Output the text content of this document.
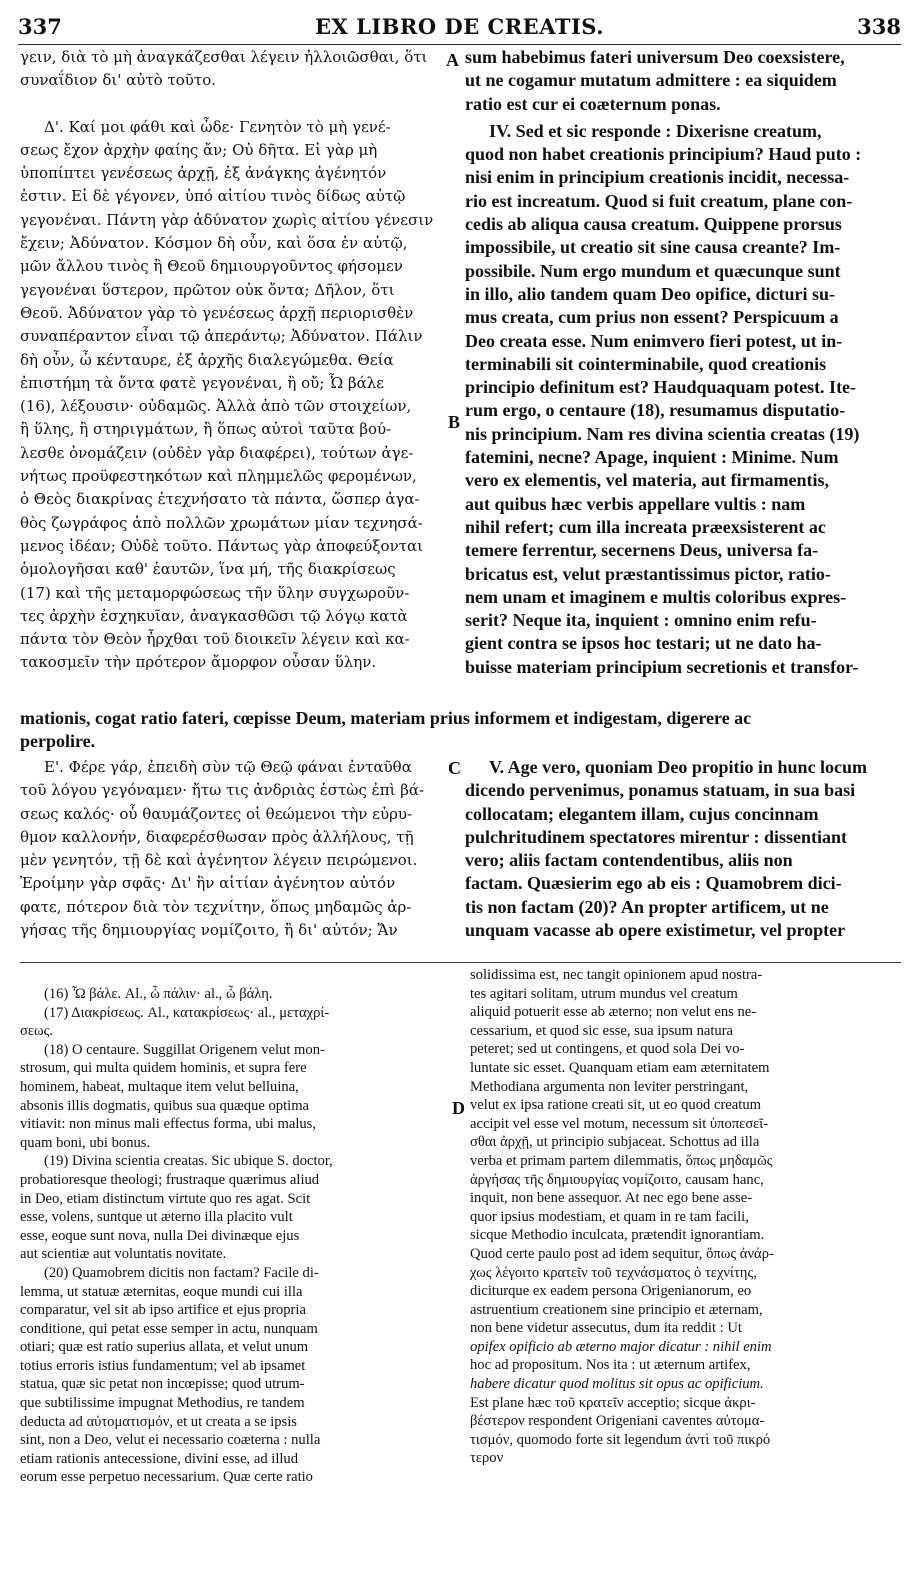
337	EX LIBRO DE CREATIS.	338

γειν, διὰ τὸ μὴ ἀναγκάζεσθαι λέγειν ἠλλοιῶσθαι, ὅτι

συναΐδιον δι' αὐτὸ τοῦτο.

Δ'. Καί μοι φάθι καὶ ὧδε· Γενητὸν τὸ μὴ γενέ-

σεως ἔχον ἀρχὴν φαίης ἄν; Οὐ δῆτα. Εἰ γὰρ μὴ

ὑποπίπτει γενέσεως ἀρχῇ, ἐξ ἀνάγκης ἀγένητόν

ἐστιν. Εἰ δὲ γέγονεν, ὑπό αἰτίου τινὸς δίδως αὐτῷ

γεγονέναι. Πάντη γὰρ ἀδύνατον χωρὶς αἰτίου γένεσιν

ἔχειν; Ἀδύνατον. Κόσμον δὴ οὖν, καὶ ὅσα ἐν αὐτῷ,

μῶν ἄλλου τινὸς ἢ Θεοῦ δημιουργοῦντος φήσομεν

γεγονέναι ὕστερον, πρῶτον οὐκ ὄντα; Δῆλον, ὅτι

Θεοῦ. Ἀδύνατον γὰρ τὸ γενέσεως ἀρχῇ περιορισθὲν

συναπέραντον εἶναι τῷ ἀπεράντῳ; Ἀδύνατον. Πάλιν

δὴ οὖν, ὦ κένταυρε, ἐξ ἀρχῆς διαλεγώμεθα. Θεία

ἐπιστήμη τὰ ὄντα φατὲ γεγονέναι, ἢ οὔ; Ὦ βάλε

(16), λέξουσιν· οὐδαμῶς. Ἀλλὰ ἀπὸ τῶν στοιχείων,

ἢ ὕλης, ἢ στηριγμάτων, ἢ ὅπως αὐτοὶ ταῦτα βού-

λεσθε ὀνομάζειν (οὐδὲν γὰρ διαφέρει), τούτων ἀγε-

νήτως προϋφεστηκότων καὶ πλημμελῶς φερομένων,

ὁ Θεὸς διακρίνας ἐτεχνήσατο τὰ πάντα, ὥσπερ ἀγα-

θὸς ζωγράφος ἀπὸ πολλῶν χρωμάτων μίαν τεχνησά-

μενος ἰδέαν; Οὐδὲ τοῦτο. Πάντως γὰρ ἀποφεύξονται

ὁμολογῆσαι καθ' ἑαυτῶν, ἵνα μή, τῆς διακρίσεως

(17) καὶ τῆς μεταμορφώσεως τῆν ὕλην συγχωροῦν-

τες ἀρχὴν ἐσχηκυῖαν, ἀναγκασθῶσι τῷ λόγῳ κατὰ

πάντα τὸν Θεὸν ἦρχθαι τοῦ διοικεῖν λέγειν καὶ κα-

τακοσμεῖν τὴν πρότερον ἄμορφον οὖσαν ὕλην.

sum habebimus fateri universum Deo coexsistere,

ut ne cogamur mutatum admittere : ea siquidem

ratio est cur ei coæternum ponas.

IV. Sed et sic responde : Dixerisne creatum,

quod non habet creationis principium? Haud puto :

nisi enim in principium creationis incidit, necessa-

rio est increatum. Quod si fuit creatum, plane con-

cedis ab aliqua causa creatum. Quippene prorsus

impossibile, ut creatio sit sine causa creante? Im-

possibile. Num ergo mundum et quæcunque sunt

in illo, alio tandem quam Deo opifice, dicturi su-

mus creata, cum prius non essent? Perspicuum a

Deo creata esse. Num enimvero fieri potest, ut in-

terminabili sit cointerminabile, quod creationis

principio definitum est? Haudquaquam potest. Ite-

rum ergo, o centaure (18), resumamus disputatio-

nis principium. Nam res divina scientia creatas (19)

fatemini, necne? Apage, inquient : Minime. Num

vero ex elementis, vel materia, aut firmamentis,

aut quibus hæc verbis appellare vultis : nam

nihil refert; cum illa increata præexsisterent ac

temere ferrentur, secernens Deus, universa fa-

bricatus est, velut præstantissimus pictor, ratio-

nem unam et imaginem e multis coloribus expres-

serit? Neque ita, inquient : omnino enim refu-

gient contra se ipsos hoc testari; ut ne dato ha-

buisse materiam principium secretionis et transfor-

A
B
C
D

mationis, cogat ratio fateri, cœpisse Deum, materiam prius informem et indigestam, digerere ac

perpolire.

Ε'. Φέρε γάρ, ἐπειδὴ σὺν τῷ Θεῷ φάναι ἐνταῦθα

τοῦ λόγου γεγόναμεν· ἤτω τις ἀνδριὰς ἑστὼς ἐπὶ βά-

σεως καλός· οὗ θαυμάζοντες οἱ θεώμενοι τὴν εὐρυ-

θμον καλλονήν, διαφερέσθωσαν πρὸς ἀλλήλους, τῇ

μὲν γενητόν, τῇ δὲ καὶ ἀγένητον λέγειν πειρώμενοι.

Ἐροίμην γὰρ σφᾶς· Δι' ἣν αἰτίαν ἀγένητον αὐτόν

φατε, πότερον διὰ τὸν τεχνίτην, ὅπως μηδαμῶς ἀρ-

γήσας τῆς δημιουργίας νομίζοιτο, ἢ δι' αὐτόν; Ἄν

V. Age vero, quoniam Deo propitio in hunc locum

dicendo pervenimus, ponamus statuam, in sua basi

collocatam; elegantem illam, cujus concinnam

pulchritudinem spectatores mirentur : dissentiant

vero; aliis factam contendentibus, aliis non

factam. Quæsierim ego ab eis : Quamobrem dici-

tis non factam (20)? An propter artificem, ut ne

unquam vacasse ab opere existimetur, vel propter

(16) Ὦ βάλε. Al., ὦ πάλιν· al., ὦ βάλη.

(17) Διακρίσεως. Al., κατακρίσεως· al., μεταχρί-

σεως.

(18) O centaure. Suggillat Origenem velut mon-

strosum, qui multa quidem hominis, et supra fere

hominem, habeat, multaque item velut belluina,

absonis illis dogmatis, quibus sua quæque optima

vitiavit: non minus mali effectus forma, ubi malus,

quam boni, ubi bonus.

(19) Divina scientia creatas. Sic ubique S. doctor,

probatioresque theologi; frustraque quærimus aliud

in Deo, etiam distinctum virtute quo res agat. Scit

esse, volens, suntque ut æterno illa placito vult

esse, eoque sunt nova, nulla Dei divinæque ejus

aut scientiæ aut voluntatis novitate.

(20) Quamobrem dicitis non factam? Facile di-

lemma, ut statuæ æternitas, eoque mundi cui illa

comparatur, vel sit ab ipso artifice et ejus propria

conditione, qui petat esse semper in actu, nunquam

otiari; quæ est ratio superius allata, et velut unum

totius erroris istius fundamentum; vel ab ipsamet

statua, quæ sic petat non incœpisse; quod utrum-

que subtilissime impugnat Methodius, re tandem

deducta ad αὐτοματισμόν, et ut creata a se ipsis

sint, non a Deo, velut ei necessario coæterna : nulla

etiam rationis antecessione, divini esse, ad illud

eorum esse perpetuo necessarium. Quæ certe ratio

solidissima est, nec tangit opinionem apud nostra-

tes agitari solitam, utrum mundus vel creatum

aliquid potuerit esse ab æterno; non velut ens ne-

cessarium, et quod sic esse, sua ipsum natura

peteret; sed ut contingens, et quod sola Dei vo-

luntate sic esset. Quanquam etiam eam æternitatem

Methodiana argumenta non leviter perstringant,

velut ex ipsa ratione creati sit, ut eo quod creatum

accipit vel esse vel motum, necessum sit ὑποπεσεῖ-

σθαι ἀρχῇ, ut principio subjaceat. Schottus ad illa

verba et primam partem dilemmatis, ὅπως μηδαμῶς

ἀργήσας τῆς δημιουργίας νομίζοιτο, causam hanc,

inquit, non bene assequor. At nec ego bene asse-

quor ipsius modestiam, et quam in re tam facili,

sicque Methodio inculcata, prætendit ignorantiam.

Quod certe paulo post ad idem sequitur, ὅπως ἀνάρ-

χως λέγοιτο κρατεῖν τοῦ τεχνάσματος ὁ τεχνίτης,

diciturque ex eadem persona Origenianorum, eo

astruentium creationem sine principio et æternam,

non bene videtur assecutus, dum ita reddit : Ut

opifex opificio ab æterno major dicatur : nihil enim

hoc ad propositum. Nos ita : ut æternum artifex,

habere dicatur quod molitus sit opus ac opificium.

Est plane hæc τοῦ κρατεῖν acceptio; sicque ἀκρι-

βέστερον respondent Origeniani caventes αὐτομα-

τισμόν, quomodo forte sit legendum ἀντὶ τοῦ πικρό

τερον
